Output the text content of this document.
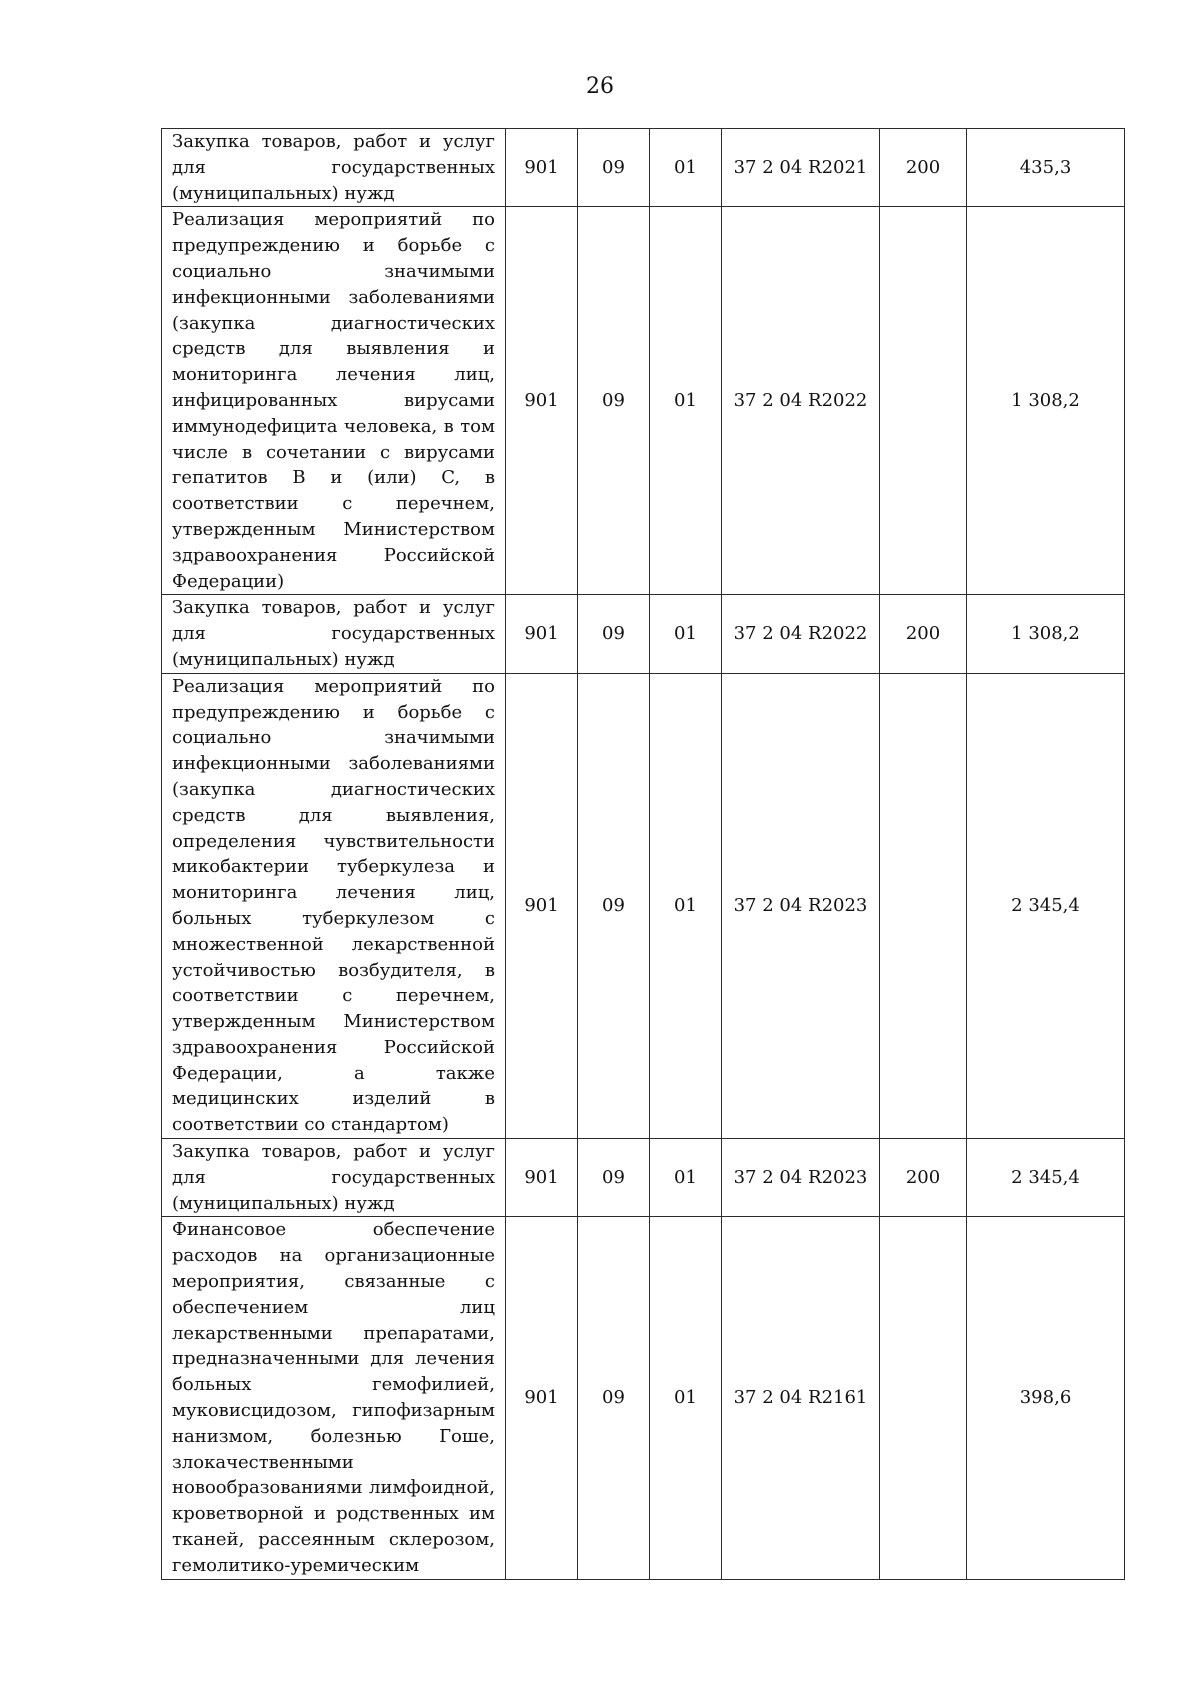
26
Закупка товаров, работ и услуг для государственных (муниципальных) нужд	901	09	01	37 2 04 R2021	200	435,3
Реализация мероприятий по предупреждению и борьбе с социально значимыми инфекционными заболеваниями (закупка диагностических средств для выявления и мониторинга лечения лиц, инфицированных вирусами иммунодефицита человека, в том числе в сочетании с вирусами гепатитов B и (или) C, в соответствии с перечнем, утвержденным Министерством здравоохранения Российской Федерации)	901	09	01	37 2 04 R2022		1 308,2
Закупка товаров, работ и услуг для государственных (муниципальных) нужд	901	09	01	37 2 04 R2022	200	1 308,2
Реализация мероприятий по предупреждению и борьбе с социально значимыми инфекционными заболеваниями (закупка диагностических средств для выявления, определения чувствительности микобактерии туберкулеза и мониторинга лечения лиц, больных туберкулезом с множественной лекарственной устойчивостью возбудителя, в соответствии с перечнем, утвержденным Министерством здравоохранения Российской Федерации, а также медицинских изделий в соответствии со стандартом)	901	09	01	37 2 04 R2023		2 345,4
Закупка товаров, работ и услуг для государственных (муниципальных) нужд	901	09	01	37 2 04 R2023	200	2 345,4
Финансовое обеспечение расходов на организационные мероприятия, связанные с обеспечением лиц лекарственными препаратами, предназначенными для лечения больных гемофилией, муковисцидозом, гипофизарным нанизмом, болезнью Гоше, злокачественными новообразованиями лимфоидной, кроветворной и родственных им тканей, рассеянным склерозом, гемолитико-уремическим	901	09	01	37 2 04 R2161		398,6
